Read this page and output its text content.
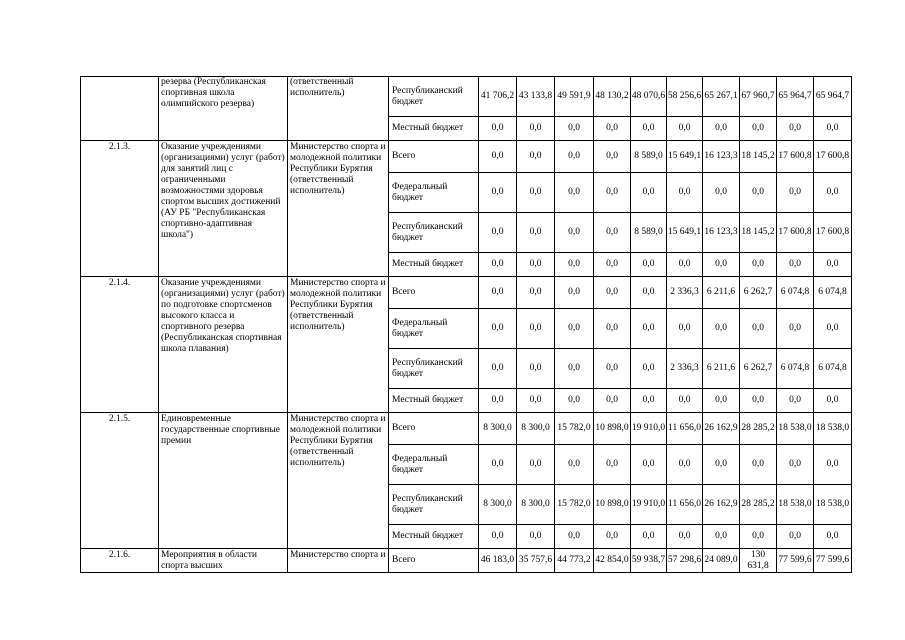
	резерва (Республиканская спортивная школа олимпийского резерва)	(ответственный исполнитель)	Республиканский бюджет	41 706,2	43 133,8	49 591,9	48 130,2	48 070,6	58 256,6	65 267,1	67 960,7	65 964,7	65 964,7
			Местный бюджет	0,0	0,0	0,0	0,0	0,0	0,0	0,0	0,0	0,0	0,0
2.1.3.	Оказание учреждениями (организациями) услуг (работ) для занятий лиц с ограниченными возможностями здоровья спортом высших достижений (АУ РБ "Республиканская спортивно-адаптивная школа")	Министерство спорта и молодежной политики Республики Бурятия (ответственный исполнитель)	Всего	0,0	0,0	0,0	0,0	8 589,0	15 649,1	16 123,3	18 145,2	17 600,8	17 600,8
			Федеральный бюджет	0,0	0,0	0,0	0,0	0,0	0,0	0,0	0,0	0,0	0,0
			Республиканский бюджет	0,0	0,0	0,0	0,0	8 589,0	15 649,1	16 123,3	18 145,2	17 600,8	17 600,8
			Местный бюджет	0,0	0,0	0,0	0,0	0,0	0,0	0,0	0,0	0,0	0,0
2.1.4.	Оказание учреждениями (организациями) услуг (работ) по подготовке спортсменов высокого класса и спортивного резерва (Республиканская спортивная школа плавания)	Министерство спорта и молодежной политики Республики Бурятия (ответственный исполнитель)	Всего	0,0	0,0	0,0	0,0	0,0	2 336,3	6 211,6	6 262,7	6 074,8	6 074,8
			Федеральный бюджет	0,0	0,0	0,0	0,0	0,0	0,0	0,0	0,0	0,0	0,0
			Республиканский бюджет	0,0	0,0	0,0	0,0	0,0	2 336,3	6 211,6	6 262,7	6 074,8	6 074,8
			Местный бюджет	0,0	0,0	0,0	0,0	0,0	0,0	0,0	0,0	0,0	0,0
2.1.5.	Единовременные государственные спортивные премии	Министерство спорта и молодежной политики Республики Бурятия (ответственный исполнитель)	Всего	8 300,0	8 300,0	15 782,0	10 898,0	19 910,0	11 656,0	26 162,9	28 285,2	18 538,0	18 538,0
			Федеральный бюджет	0,0	0,0	0,0	0,0	0,0	0,0	0,0	0,0	0,0	0,0
			Республиканский бюджет	8 300,0	8 300,0	15 782,0	10 898,0	19 910,0	11 656,0	26 162,9	28 285,2	18 538,0	18 538,0
			Местный бюджет	0,0	0,0	0,0	0,0	0,0	0,0	0,0	0,0	0,0	0,0
2.1.6.	Мероприятия в области спорта высших	Министерство спорта и	Всего	46 183,0	35 757,6	44 773,2	42 854,0	59 938,7	57 298,6	24 089,0	130 631,8	77 599,6	77 599,6
